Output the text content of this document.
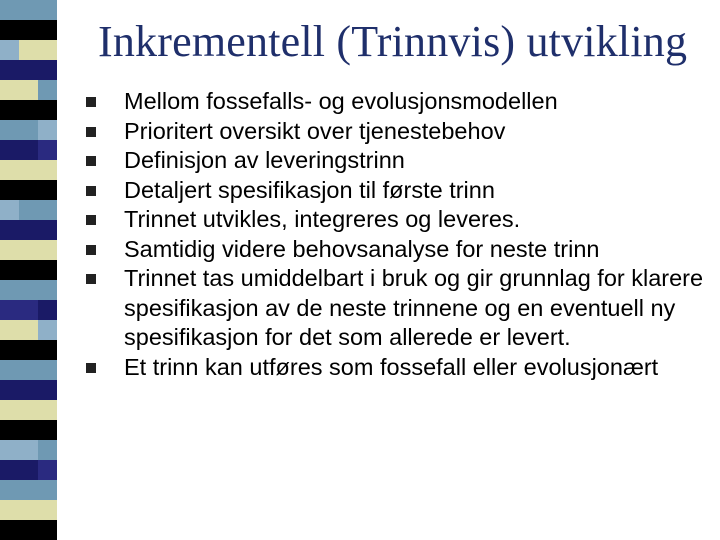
Inkrementell (Trinnvis) utvikling
Mellom fossefalls- og evolusjonsmodellen
Prioritert oversikt over tjenestebehov
Definisjon av leveringstrinn
Detaljert spesifikasjon til første trinn
Trinnet utvikles, integreres og leveres.
Samtidig videre behovsanalyse for neste trinn
Trinnet tas umiddelbart i bruk og gir grunnlag for klarere spesifikasjon av de neste trinnene og en eventuell ny spesifikasjon for det som allerede er levert.
Et trinn kan utføres som fossefall eller evolusjonært
